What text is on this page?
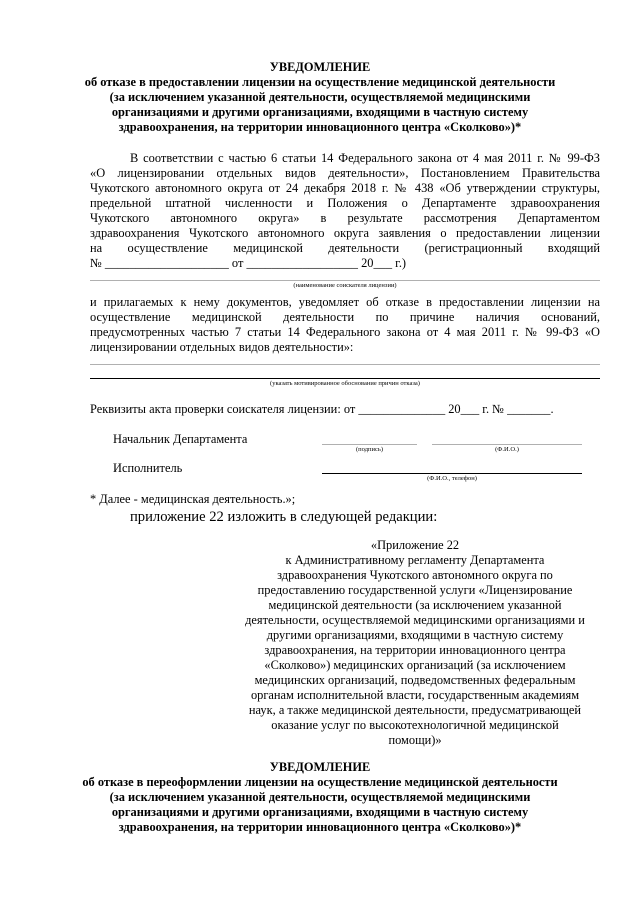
УВЕДОМЛЕНИЕ
об отказе в предоставлении лицензии на осуществление медицинской деятельности
(за исключением указанной деятельности, осуществляемой медицинскими
организациями и другими организациями, входящими в частную систему
здравоохранения, на территории инновационного центра «Сколково»)*
В соответствии с частью 6 статьи 14 Федерального закона от 4 мая 2011 г. № 99-ФЗ
«О лицензировании отдельных видов деятельности», Постановлением Правительства
Чукотского автономного округа от 24 декабря 2018 г. № 438 «Об утверждении структуры,
предельной штатной численности и Положения о Департаменте здравоохранения
Чукотского автономного округа» в результате рассмотрения Департаментом
здравоохранения Чукотского автономного округа заявления о предоставлении лицензии
на осуществление медицинской деятельности (регистрационный входящий
№ ____________________ от __________________ 20___ г.)
(наименование соискателя лицензии)
и прилагаемых к нему документов, уведомляет об отказе в предоставлении лицензии на
осуществление медицинской деятельности по причине наличия оснований,
предусмотренных частью 7 статьи 14 Федерального закона от 4 мая 2011 г. № 99-ФЗ «О
лицензировании отдельных видов деятельности»:
(указать мотивированное обоснование причин отказа)
Реквизиты акта проверки соискателя лицензии: от ______________ 20___ г. № _______.
Начальник Департамента
(подпись)	(Ф.И.О.)
Исполнитель
(Ф.И.О., телефон)
* Далее - медицинская деятельность.»;
приложение 22 изложить в следующей редакции:
«Приложение 22
к Административному регламенту Департамента
здравоохранения Чукотского автономного округа по
предоставлению государственной услуги «Лицензирование
медицинской деятельности (за исключением указанной
деятельности, осуществляемой медицинскими организациями и
другими организациями, входящими в частную систему
здравоохранения, на территории инновационного центра
«Сколково») медицинских организаций (за исключением
медицинских организаций, подведомственных федеральным
органам исполнительной власти, государственным академиям
наук, а также медицинской деятельности, предусматривающей
оказание услуг по высокотехнологичной медицинской
помощи)»
УВЕДОМЛЕНИЕ
об отказе в переоформлении лицензии на осуществление медицинской деятельности
(за исключением указанной деятельности, осуществляемой медицинскими
организациями и другими организациями, входящими в частную систему
здравоохранения, на территории инновационного центра «Сколково»)*
